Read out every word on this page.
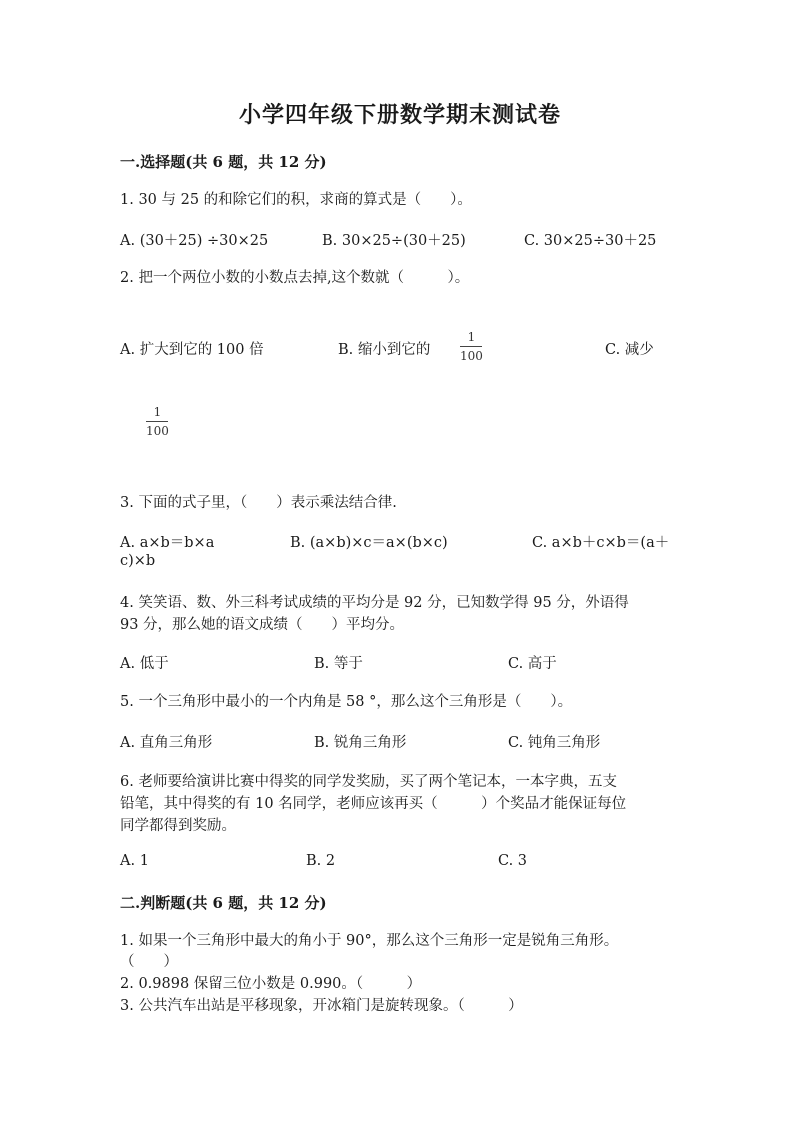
小学四年级下册数学期末测试卷
一.选择题(共 6 题，共 12 分)
1. 30 与 25 的和除它们的积，求商的算式是（　　）。
A. (30＋25) ÷30×25	B. 30×25÷(30＋25)	C. 30×25÷30＋25
2. 把一个两位小数的小数点去掉,这个数就（　　　）。
A. 扩大到它的 100 倍	B. 缩小到它的
1
100	C. 减少
1
100
3. 下面的式子里，（　　）表示乘法结合律.
A. a×b＝b×a	B. (a×b)×c＝a×(b×c)	C. a×b＋c×b＝(a＋
c)×b
4. 笑笑语、数、外三科考试成绩的平均分是 92 分，已知数学得 95 分，外语得
93 分，那么她的语文成绩（　　）平均分。
A. 低于	B. 等于	C. 高于
5. 一个三角形中最小的一个内角是 58 °，那么这个三角形是（　　）。
A. 直角三角形	B. 锐角三角形	C. 钝角三角形
6. 老师要给演讲比赛中得奖的同学发奖励，买了两个笔记本，一本字典，五支
铅笔，其中得奖的有 10 名同学，老师应该再买（　　　）个奖品才能保证每位
同学都得到奖励。
A. 1	B. 2	C. 3
二.判断题(共 6 题，共 12 分)
1. 如果一个三角形中最大的角小于 90°，那么这个三角形一定是锐角三角形。
（　　）
2. 0.9898 保留三位小数是 0.990。（　　　）
3. 公共汽车出站是平移现象，开冰箱门是旋转现象。（　　　）
